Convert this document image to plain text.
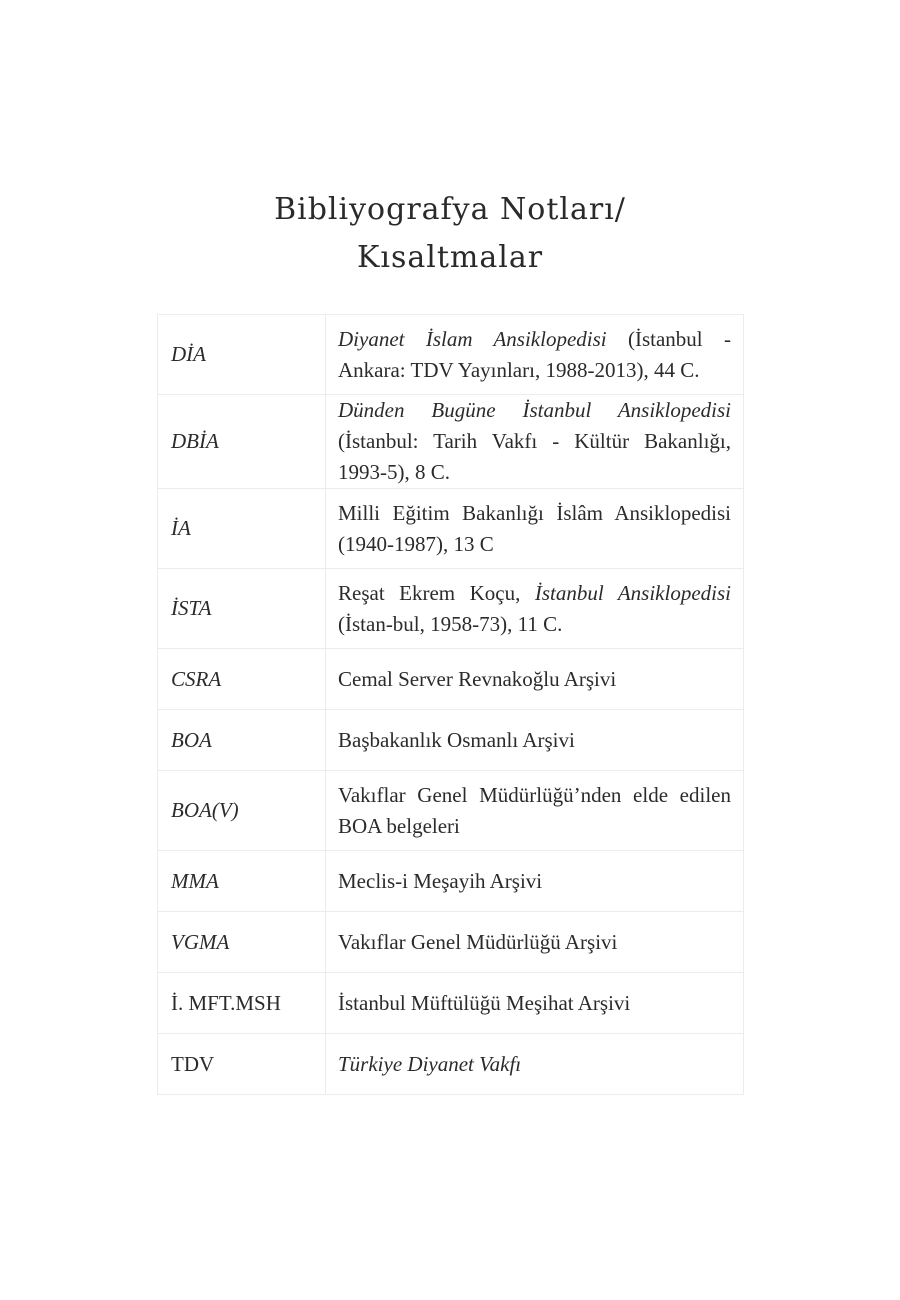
Bibliyografya Notları/
Kısaltmalar
DİA	Diyanet İslam Ansiklopedisi (İstanbul - Ankara: TDV Yayınları, 1988-2013), 44 C.

DBİA	Dünden Bugüne İstanbul Ansiklopedisi (İstanbul: Tarih Vakfı - Kültür Bakanlığı, 1993-5), 8 C.

İA	Milli Eğitim Bakanlığı İslâm Ansiklopedisi (1940-1987), 13 C

İSTA	Reşat Ekrem Koçu, İstanbul Ansiklopedisi (İstan-bul, 1958-73), 11 C.

CSRA	Cemal Server Revnakoğlu Arşivi

BOA	Başbakanlık Osmanlı Arşivi

BOA(V)	Vakıflar Genel Müdürlüğü’nden elde edilen BOA belgeleri

MMA	Meclis-i Meşayih Arşivi

VGMA	Vakıflar Genel Müdürlüğü Arşivi

İ. MFT.MSH	İstanbul Müftülüğü Meşihat Arşivi

TDV	Türkiye Diyanet Vakfı
